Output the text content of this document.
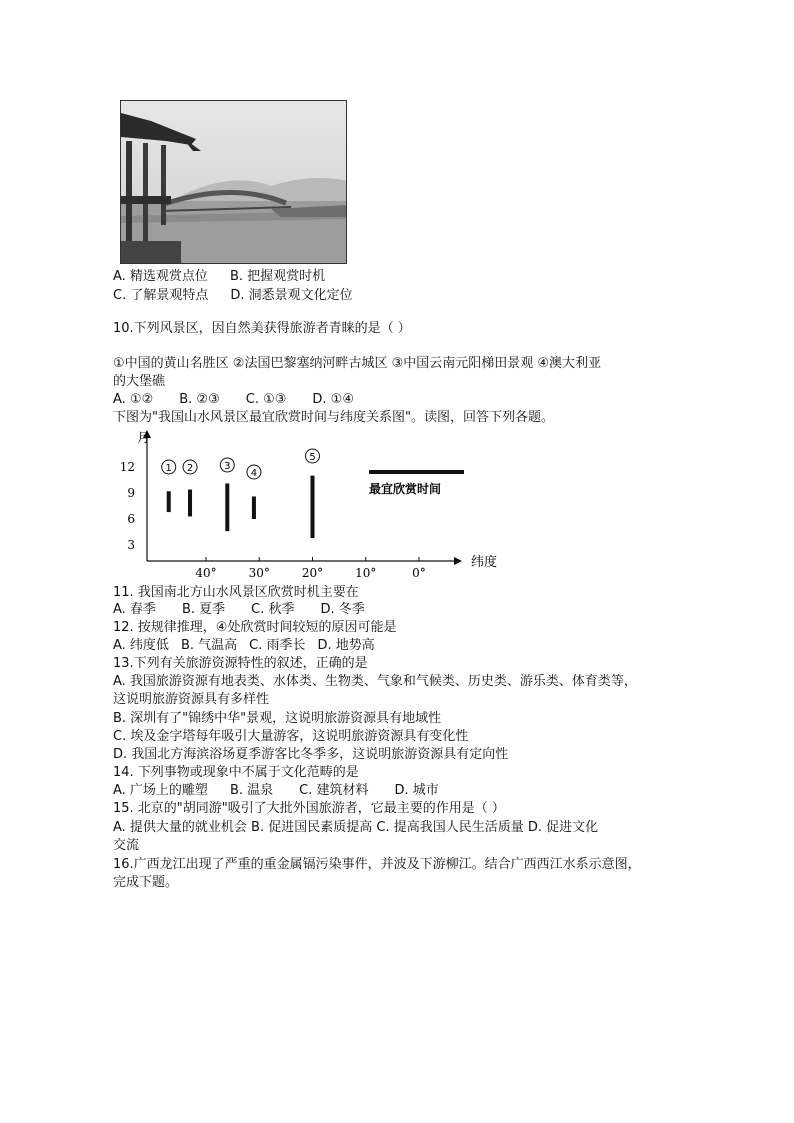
A. 精选观赏点位 B. 把握观赏时机
C. 了解景观特点 D. 洞悉景观文化定位
10.下列风景区，因自然美获得旅游者青睐的是（ ）
①中国的黄山名胜区 ②法国巴黎塞纳河畔古城区 ③中国云南元阳梯田景观 ④澳大利亚
的大堡礁
A. ①② B. ②③ C. ①③ D. ①④
下图为"我国山水风景区最宜欣赏时间与纬度关系图"。读图，回答下列各题。
月
纬度
12
9
6
3
40°	30°	20°	10°	0°
1 2	3
4
5
最宜欣赏时间
11. 我国南北方山水风景区欣赏时机主要在
A. 春季 B. 夏季 C. 秋季 D. 冬季
12. 按规律推理，④处欣赏时间较短的原因可能是
A. 纬度低 B. 气温高 C. 雨季长 D. 地势高
13.下列有关旅游资源特性的叙述，正确的是
A. 我国旅游资源有地表类、水体类、生物类、气象和气候类、历史类、游乐类、体育类等，
这说明旅游资源具有多样性
B. 深圳有了"锦绣中华"景观，这说明旅游资源具有地域性
C. 埃及金字塔每年吸引大量游客，这说明旅游资源具有变化性
D. 我国北方海滨浴场夏季游客比冬季多，这说明旅游资源具有定向性
14. 下列事物或现象中不属于文化范畴的是
A. 广场上的雕塑 B. 温泉 C. 建筑材料 D. 城市
15. 北京的"胡同游"吸引了大批外国旅游者，它最主要的作用是（ ）
A. 提供大量的就业机会 B. 促进国民素质提高 C. 提高我国人民生活质量 D. 促进文化
交流
16.广西龙江出现了严重的重金属镉污染事件，并波及下游柳江。结合广西西江水系示意图，
完成下题。
